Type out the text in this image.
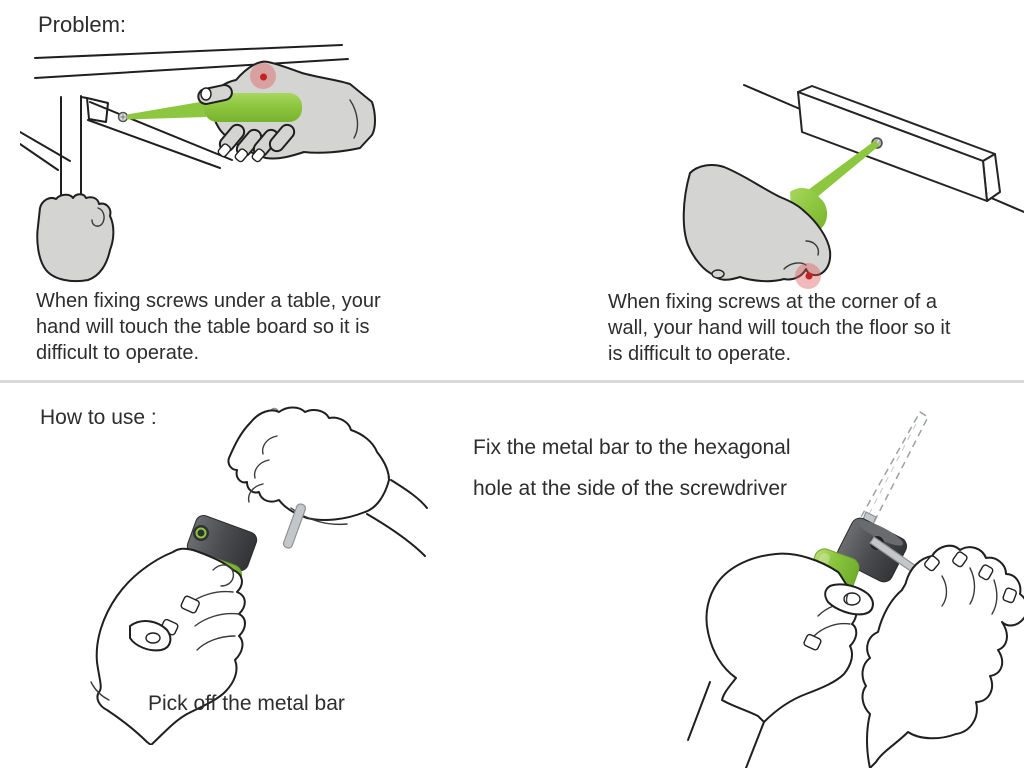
Problem:
When fixing screws under a table, your
hand will touch the table board so it is
difficult to operate.
When fixing screws at the corner of a
wall, your hand will touch the floor so it
is difficult to operate.
How to use :
Pick off the metal bar
Fix the metal bar to the hexagonal
hole at the side of the screwdriver
